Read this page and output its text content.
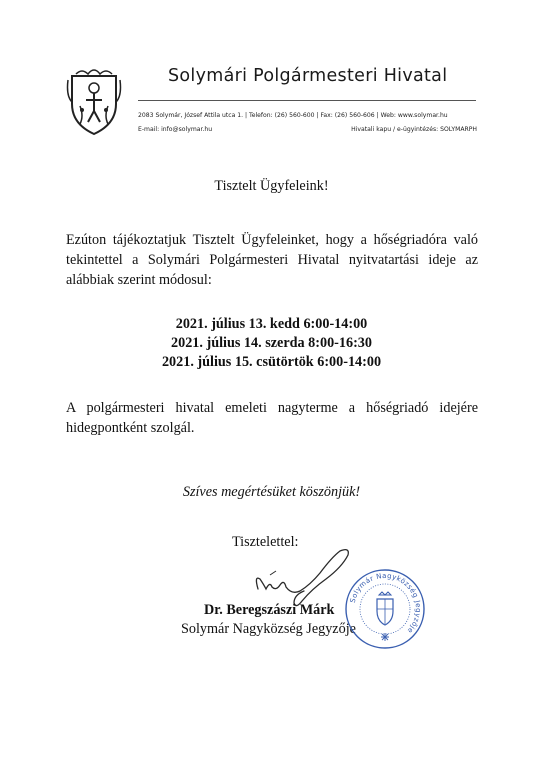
Solymári Polgármesteri Hivatal
2083 Solymár, József Attila utca 1. | Telefon: (26) 560-600 | Fax: (26) 560-606 | Web: www.solymar.hu
E-mail: info@solymar.hu	Hivatali kapu / e-ügyintézés: SOLYMARPH
Tisztelt Ügyfeleink!
Ezúton tájékoztatjuk Tisztelt Ügyfeleinket, hogy a hőségriadóra való tekintettel a Solymári Polgármesteri Hivatal nyitvatartási ideje az alábbiak szerint módosul:
2021. július 13. kedd 6:00-14:00
2021. július 14. szerda 8:00-16:30
2021. július 15. csütörtök 6:00-14:00
A polgármesteri hivatal emeleti nagyterme a hőségriadó idejére hidegpontként szolgál.
Szíves megértésüket köszönjük!
Tisztelettel:
Dr. Beregszászi Márk
Solymár Nagyközség Jegyzője
Solymár Nagyközség Jegyzője
